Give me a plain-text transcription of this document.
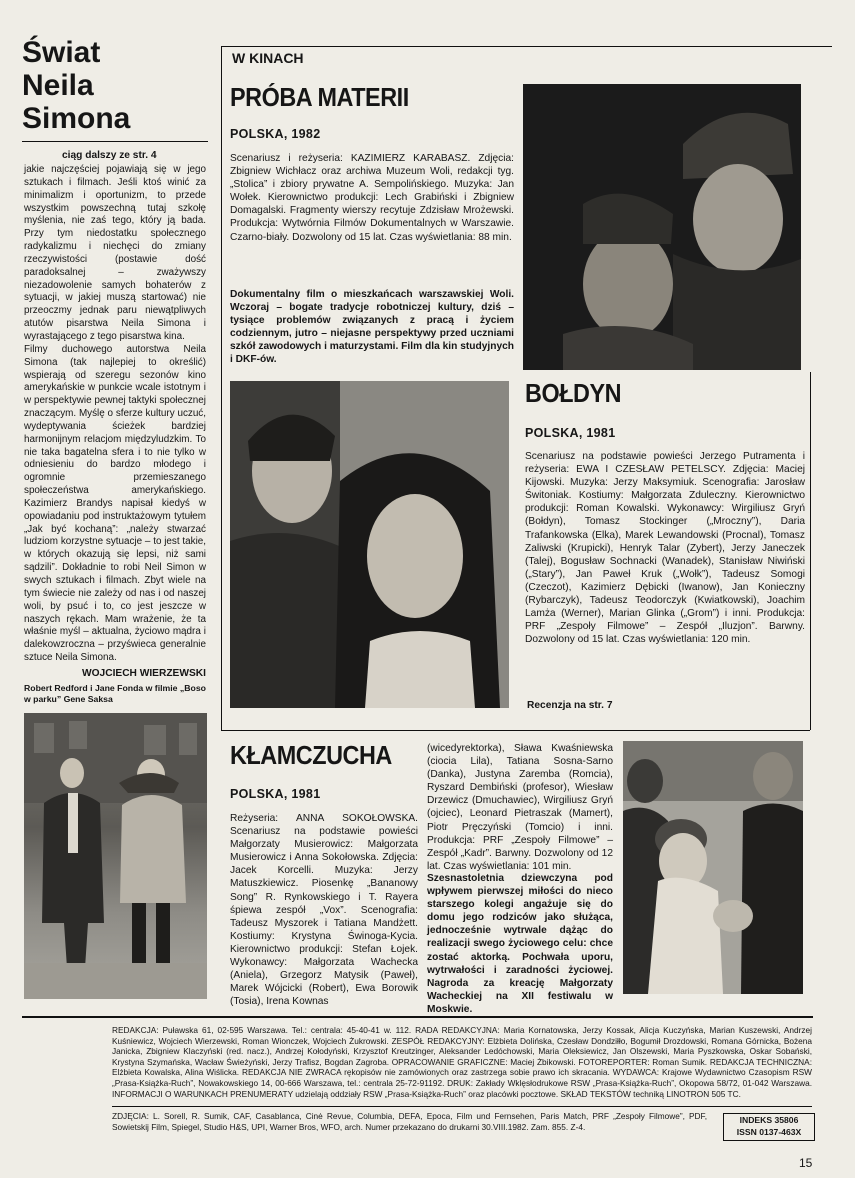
Świat
Neila
Simona
ciąg dalszy ze str. 4
jakie najczęściej pojawiają się w jego sztukach i filmach. Jeśli ktoś winić za minimalizm i oportunizm, to przede wszystkim powszechną tutaj szkołę myślenia, nie zaś tego, który ją bada. Przy tym niedostatku społecznego radykalizmu i niechęci do zmiany rzeczywistości (postawie dość paradoksalnej – zważywszy niezadowolenie samych bohaterów z sytuacji, w jakiej muszą startować) nie przeoczmy jednak paru niewątpliwych atutów pisarstwa Neila Simona i wyrastającego z tego pisarstwa kina.
Filmy duchowego autorstwa Neila Simona (tak najlepiej to określić) wspierają od szeregu sezonów kino amerykańskie w punkcie wcale istotnym i w perspektywie pewnej taktyki społecznej znaczącym. Myślę o sferze kultury uczuć, wydeptywania ścieżek bardziej harmonijnym relacjom międzyludzkim. To nie taka bagatelna sfera i to nie tylko w odniesieniu do bardzo młodego i ogromnie przemieszanego społeczeństwa amerykańskiego. Kazimierz Brandys napisał kiedyś w opowiadaniu pod instruktażowym tytułem „Jak być kochaną”: „należy stwarzać ludziom korzystne sytuacje – to jest takie, w których okazują się lepsi, niż sami sądzili”. Dokładnie to robi Neil Simon w swych sztukach i filmach. Zbyt wiele na tym świecie nie zależy od nas i od naszej woli, by psuć i to, co jest jeszcze w naszych rękach. Mam wrażenie, że ta właśnie myśl – aktualna, życiowo mądra i dalekowzroczna – przyświeca generalnie sztuce Neila Simona.
WOJCIECH WIERZEWSKI
Robert Redford i Jane Fonda w filmie „Boso w parku” Gene Saksa
W KINACH
PRÓBA MATERII
POLSKA, 1982
Scenariusz i reżyseria: KAZIMIERZ KARABASZ. Zdjęcia: Zbigniew Wichłacz oraz archiwa Muzeum Woli, redakcji tyg. „Stolica” i zbiory prywatne A. Sempolińskiego. Muzyka: Jan Wołek. Kierownictwo produkcji: Lech Grabiński i Zbigniew Domagalski. Fragmenty wierszy recytuje Zdzisław Mrożewski. Produkcja: Wytwórnia Filmów Dokumentalnych w Warszawie. Czarno-biały. Dozwolony od 15 lat. Czas wyświetlania: 88 min.
Dokumentalny film o mieszkańcach warszawskiej Woli. Wczoraj – bogate tradycje robotniczej kultury, dziś – tysiące problemów związanych z pracą i życiem codziennym, jutro – niejasne perspektywy przed uczniami szkół zawodowych i maturzystami. Film dla kin studyjnych i DKF-ów.
BOŁDYN
POLSKA, 1981
Scenariusz na podstawie powieści Jerzego Putramenta i reżyseria: EWA I CZESŁAW PETELSCY. Zdjęcia: Maciej Kijowski. Muzyka: Jerzy Maksymiuk. Scenografia: Jarosław Świtoniak. Kostiumy: Małgorzata Zduleczny. Kierownictwo produkcji: Roman Kowalski. Wykonawcy: Wirgiliusz Gryń (Bołdyn), Tomasz Stockinger („Mroczny”), Daria Trafankowska (Elka), Marek Lewandowski (Procnal), Tomasz Zaliwski (Krupicki), Henryk Talar (Zybert), Jerzy Janeczek (Talej), Bogusław Sochnacki (Wanadek), Stanisław Niwiński („Stary”), Jan Paweł Kruk („Wołk”), Tadeusz Somogi (Czeczot), Kazimierz Dębicki (Iwanow), Jan Konieczny (Rybarczyk), Tadeusz Teodorczyk (Kwiatkowski), Joachim Lamża (Werner), Marian Glinka („Grom”) i inni. Produkcja: PRF „Zespoły Filmowe” – Zespół „Iluzjon”. Barwny. Dozwolony od 15 lat. Czas wyświetlania: 120 min.
Recenzja na str. 7
KŁAMCZUCHA
POLSKA, 1981
Reżyseria: ANNA SOKOŁOWSKA. Scenariusz na podstawie powieści Małgorzaty Musierowicz: Małgorzata Musierowicz i Anna Sokołowska. Zdjęcia: Jacek Korcelli. Muzyka: Jerzy Matuszkiewicz. Piosenkę „Bananowy Song” R. Rynkowskiego i T. Rayera śpiewa zespół „Vox”. Scenografia: Tadeusz Myszorek i Tatiana Mandżett. Kostiumy: Krystyna Świnoga-Kycia. Kierownictwo produkcji: Stefan Łojek. Wykonawcy: Małgorzata Wachecka (Aniela), Grzegorz Matysik (Paweł), Marek Wójcicki (Robert), Ewa Borowik (Tosia), Irena Kownas
(wicedyrektorka), Sława Kwaśniewska (ciocia Lila), Tatiana Sosna-Sarno (Danka), Justyna Zaremba (Romcia), Ryszard Dembiński (profesor), Wiesław Drzewicz (Dmuchawiec), Wirgiliusz Gryń (ojciec), Leonard Pietraszak (Mamert), Piotr Pręczyński (Tomcio) i inni. Produkcja: PRF „Zespoły Filmowe” – Zespół „Kadr”. Barwny. Dozwolony od 12 lat. Czas wyświetlania: 101 min.
Szesnastoletnia dziewczyna pod wpływem pierwszej miłości do nieco starszego kolegi angażuje się do domu jego rodziców jako służąca, jednocześnie wytrwale dążąc do realizacji swego życiowego celu: chce zostać aktorką. Pochwała uporu, wytrwałości i zaradności życiowej. Nagroda za kreację Małgorzaty Wacheckiej na XII festiwalu w Moskwie.
REDAKCJA: Puławska 61, 02-595 Warszawa. Tel.: centrala: 45-40-41 w. 112. RADA REDAKCYJNA: Maria Kornatowska, Jerzy Kossak, Alicja Kuczyńska, Marian Kuszewski, Andrzej Kuśniewicz, Wojciech Wierzewski, Roman Wionczek, Wojciech Żukrowski. ZESPÓŁ REDAKCYJNY: Elżbieta Dolińska, Czesław Dondziłło, Bogumił Drozdowski, Romana Górnicka, Bożena Janicka, Zbigniew Klaczyński (red. nacz.), Andrzej Kołodyński, Krzysztof Kreutzinger, Aleksander Ledóchowski, Maria Oleksiewicz, Jan Olszewski, Maria Pyszkowska, Oskar Sobański, Krystyna Szymańska, Wacław Świeżyński, Jerzy Trafisz, Bogdan Zagroba. OPRACOWANIE GRAFICZNE: Maciej Żbikowski. FOTOREPORTER: Roman Sumik. REDAKCJA TECHNICZNA: Elżbieta Kowalska, Alina Wiślicka. REDAKCJA NIE ZWRACA rękopisów nie zamówionych oraz zastrzega sobie prawo ich skracania. WYDAWCA: Krajowe Wydawnictwo Czasopism RSW „Prasa-Książka-Ruch”, Nowakowskiego 14, 00-666 Warszawa, tel.: centrala 25-72-91192. DRUK: Zakłady Wklęsłodrukowe RSW „Prasa-Książka-Ruch”, Okopowa 58/72, 01-042 Warszawa. INFORMACJI O WARUNKACH PRENUMERATY udzielają oddziały RSW „Prasa-Książka-Ruch” oraz placówki pocztowe. SKŁAD TEKSTÓW techniką LINOTRON 505 TC.
ZDJĘCIA: L. Sorell, R. Sumik, CAF, Casablanca, Cinė Revue, Columbia, DEFA, Epoca, Film und Fernsehen, Paris Match, PRF „Zespoły Filmowe”, PDF, Sowietskij Film, Spiegel, Studio H&S, UPI, Warner Bros, WFO, arch. Numer przekazano do drukarni 30.VIII.1982. Zam. 855. Z-4.
INDEKS 35806
ISSN 0137-463X
15
